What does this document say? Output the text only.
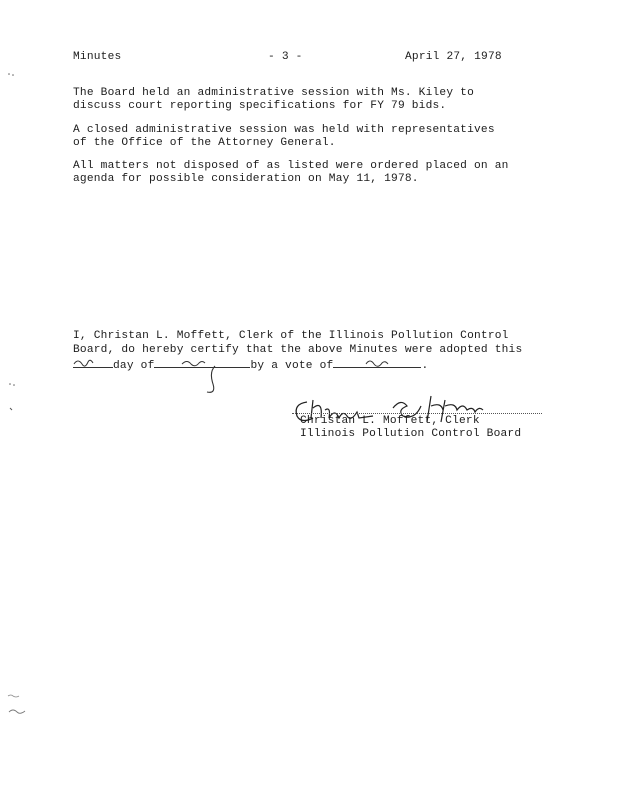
Minutes	- 3 -	April 27, 1978
The Board held an administrative session with Ms. Kiley to
discuss court reporting specifications for FY 79 bids.
A closed administrative session was held with representatives
of the Office of the Attorney General.
All matters not disposed of as listed were ordered placed on an
agenda for possible consideration on May 11, 1978.
I, Christan L. Moffett, Clerk of the Illinois Pollution Control
Board, do hereby certify that the above Minutes were adopted this
day of	by a vote of	.
Christan L. Moffett, Clerk
Illinois Pollution Control Board
